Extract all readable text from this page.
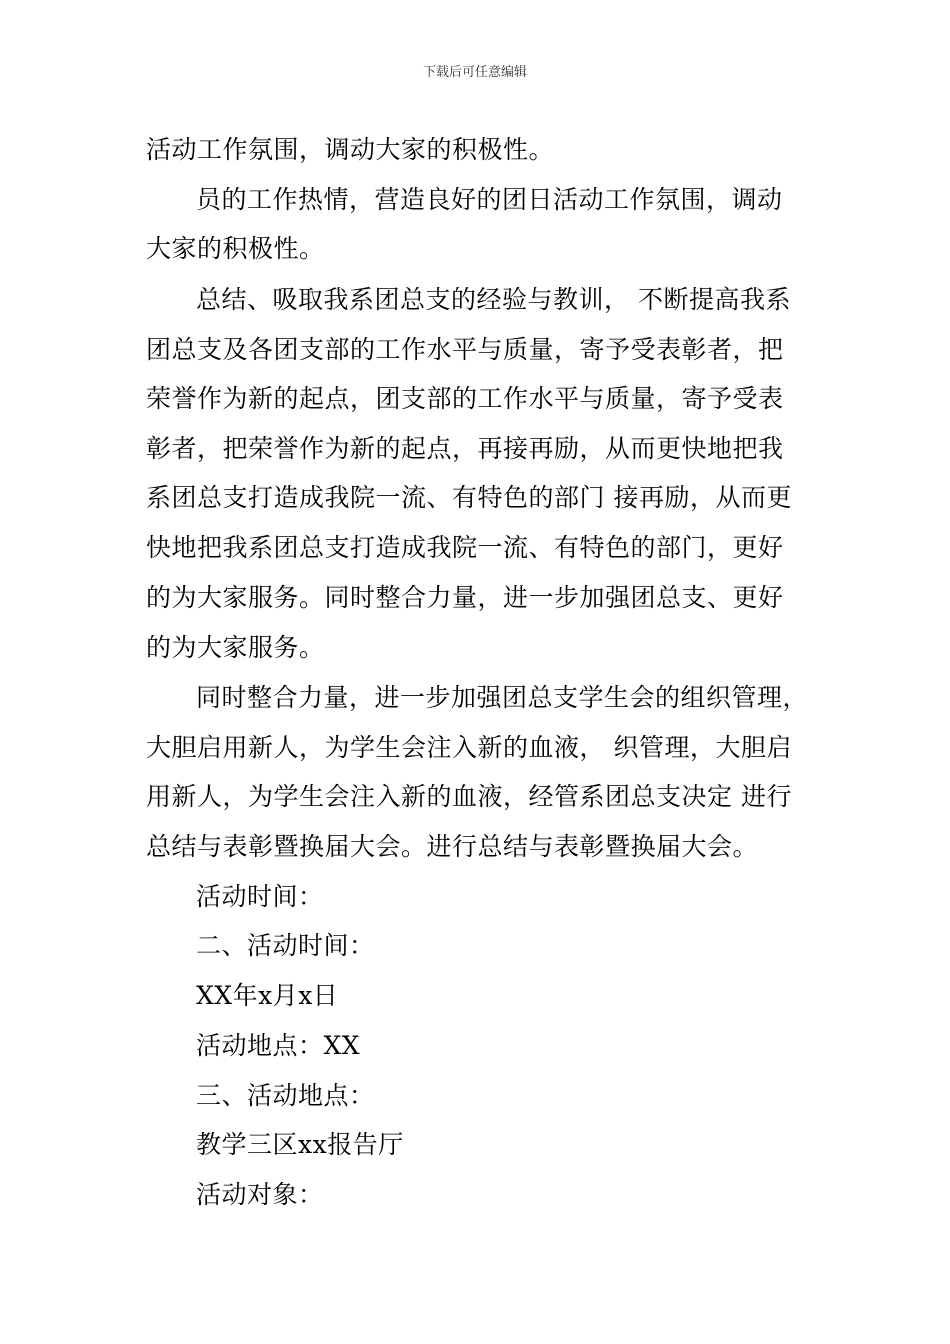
下载后可任意编辑
活动工作氛围，调动大家的积极性。
员的工作热情，营造良好的团日活动工作氛围，调动
大家的积极性。
总结、吸取我系团总支的经验与教训， 不断提高我系
团总支及各团支部的工作水平与质量，寄予受表彰者，把
荣誉作为新的起点，团支部的工作水平与质量，寄予受表
彰者，把荣誉作为新的起点，再接再励，从而更快地把我
系团总支打造成我院一流、有特色的部门 接再励，从而更
快地把我系团总支打造成我院一流、有特色的部门，更好
的为大家服务。同时整合力量，进一步加强团总支、更好
的为大家服务。
同时整合力量，进一步加强团总支学生会的组织管理，
大胆启用新人，为学生会注入新的血液， 织管理，大胆启
用新人，为学生会注入新的血液，经管系团总支决定 进行
总结与表彰暨换届大会。进行总结与表彰暨换届大会。
活动时间：
二、活动时间：
XX年x月x日
活动地点：XX
三、活动地点：
教学三区xx报告厅
活动对象：
